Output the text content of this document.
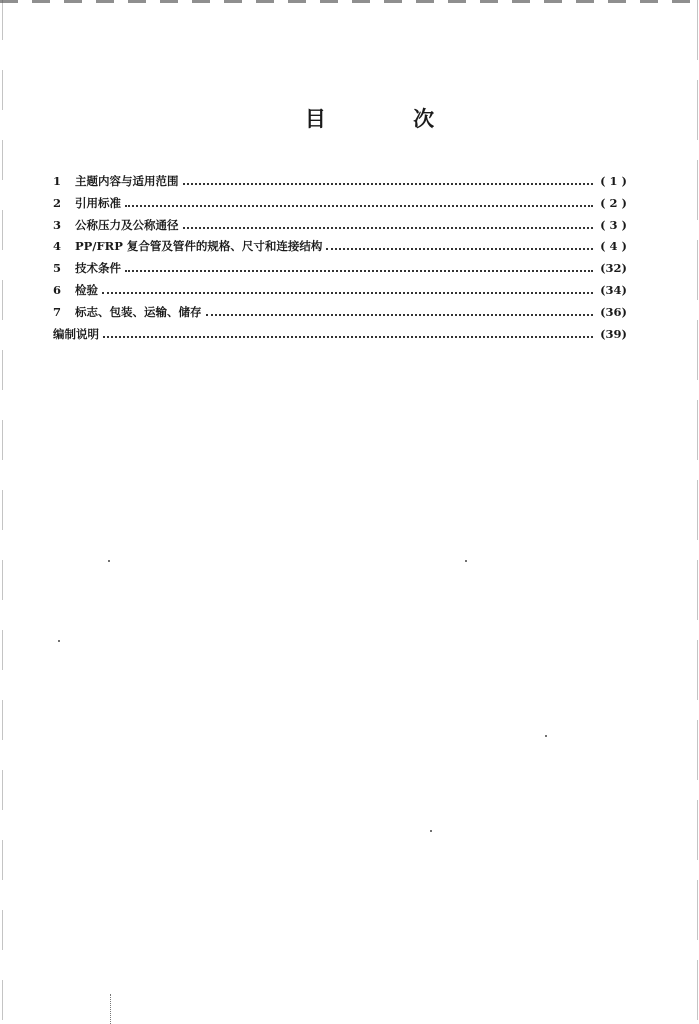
目 次
1	主题内容与适用范围	( 1 )
2	引用标准	( 2 )
3	公称压力及公称通径	( 3 )
4	PP/FRP 复合管及管件的规格、尺寸和连接结构	( 4 )
5	技术条件	(32)
6	检验	(34)
7	标志、包装、运输、储存	(36)
编制说明	(39)
